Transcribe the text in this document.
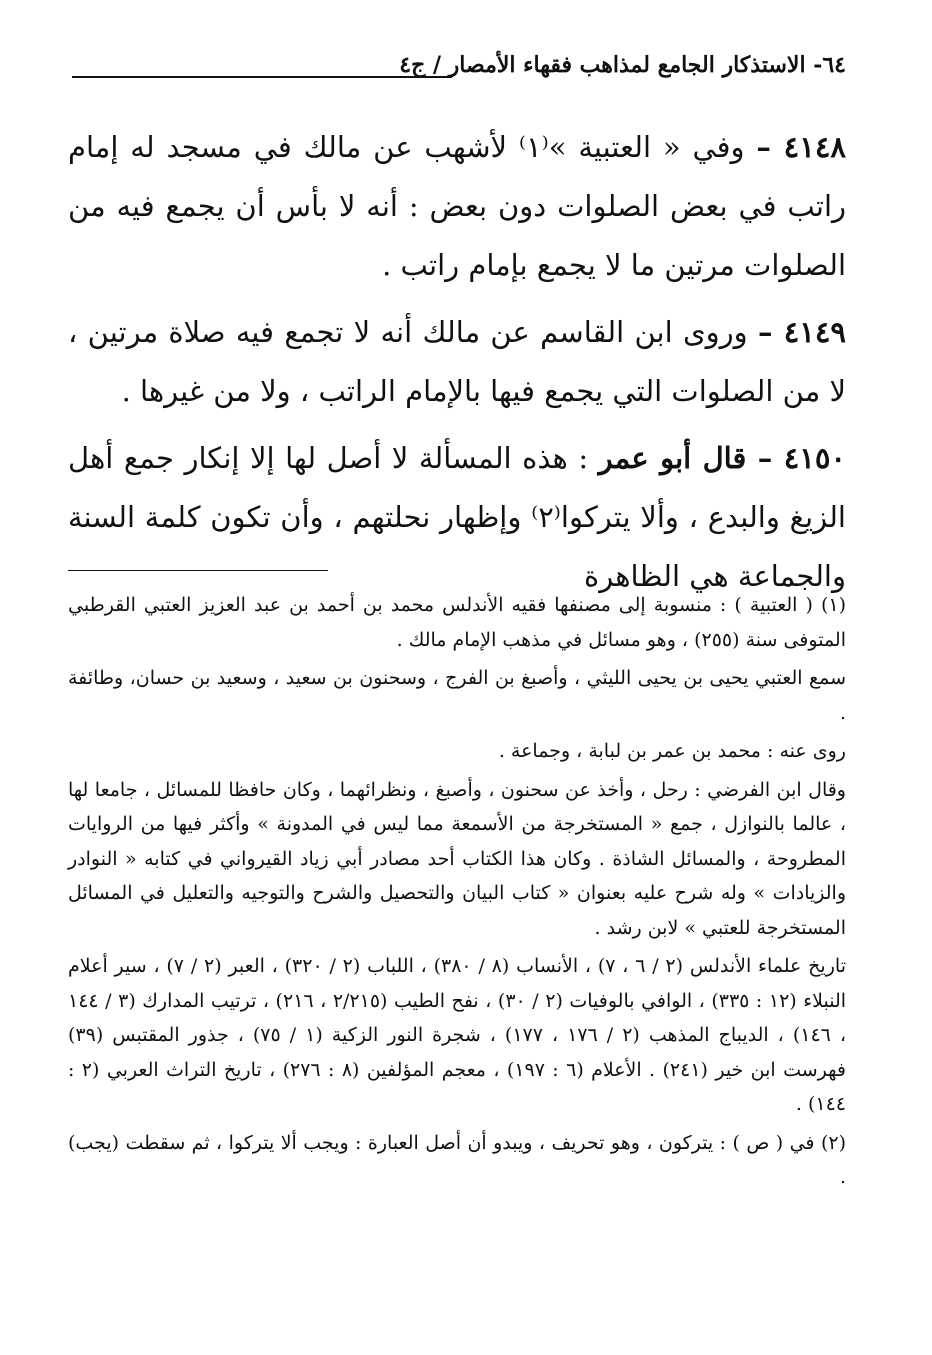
٦٤- الاستذكار الجامع لمذاهب فقهاء الأمصار / ج٤

٤١٤٨ – وفي « العتبية »⁽١⁾ لأشهب عن مالك في مسجد له إمام راتب في بعض الصلوات دون بعض : أنه لا بأس أن يجمع فيه من الصلوات مرتين ما لا يجمع بإمام راتب .

٤١٤٩ – وروى ابن القاسم عن مالك أنه لا تجمع فيه صلاة مرتين ، لا من الصلوات التي يجمع فيها بالإمام الراتب ، ولا من غيرها .

٤١٥٠ – قال أبو عمر : هذه المسألة لا أصل لها إلا إنكار جمع أهل الزيغ والبدع ، وألا يتركوا⁽٢⁾ وإظهار نحلتهم ، وأن تكون كلمة السنة والجماعة هي الظاهرة

(١) ( العتبية ) : منسوبة إلى مصنفها فقيه الأندلس محمد بن أحمد بن عبد العزيز العتبي القرطبي المتوفى سنة (٢٥٥) ، وهو مسائل في مذهب الإمام مالك .

سمع العتبي يحيى بن يحيى الليثي ، وأصبغ بن الفرج ، وسحنون بن سعيد ، وسعيد بن حسان، وطائفة .

روى عنه : محمد بن عمر بن لبابة ، وجماعة .

وقال ابن الفرضي : رحل ، وأخذ عن سحنون ، وأصبغ ، ونظرائهما ، وكان حافظا للمسائل ، جامعا لها ، عالما بالنوازل ، جمع « المستخرجة من الأسمعة مما ليس في المدونة » وأكثر فيها من الروايات المطروحة ، والمسائل الشاذة . وكان هذا الكتاب أحد مصادر أبي زياد القيرواني في كتابه « النوادر والزيادات » وله شرح عليه بعنوان « كتاب البيان والتحصيل والشرح والتوجيه والتعليل في المسائل المستخرجة للعتبي » لابن رشد .

تاريخ علماء الأندلس (٢ / ٦ ، ٧) ، الأنساب (٨ / ٣٨٠) ، اللباب (٢ / ٣٢٠) ، العبر (٢ / ٧) ، سير أعلام النبلاء (١٢ : ٣٣٥) ، الوافي بالوفيات (٢ / ٣٠) ، نفح الطيب (٢/٢١٥ ، ٢١٦) ، ترتيب المدارك (٣ / ١٤٤ ، ١٤٦) ، الديباج المذهب (٢ / ١٧٦ ، ١٧٧) ، شجرة النور الزكية (١ / ٧٥) ، جذور المقتبس (٣٩) فهرست ابن خير (٢٤١) . الأعلام (٦ : ١٩٧) ، معجم المؤلفين (٨ : ٢٧٦) ، تاريخ التراث العربي (٢ : ١٤٤) .

(٢) في ( ص ) : يتركون ، وهو تحريف ، ويبدو أن أصل العبارة : ويجب ألا يتركوا ، ثم سقطت (يجب) .
